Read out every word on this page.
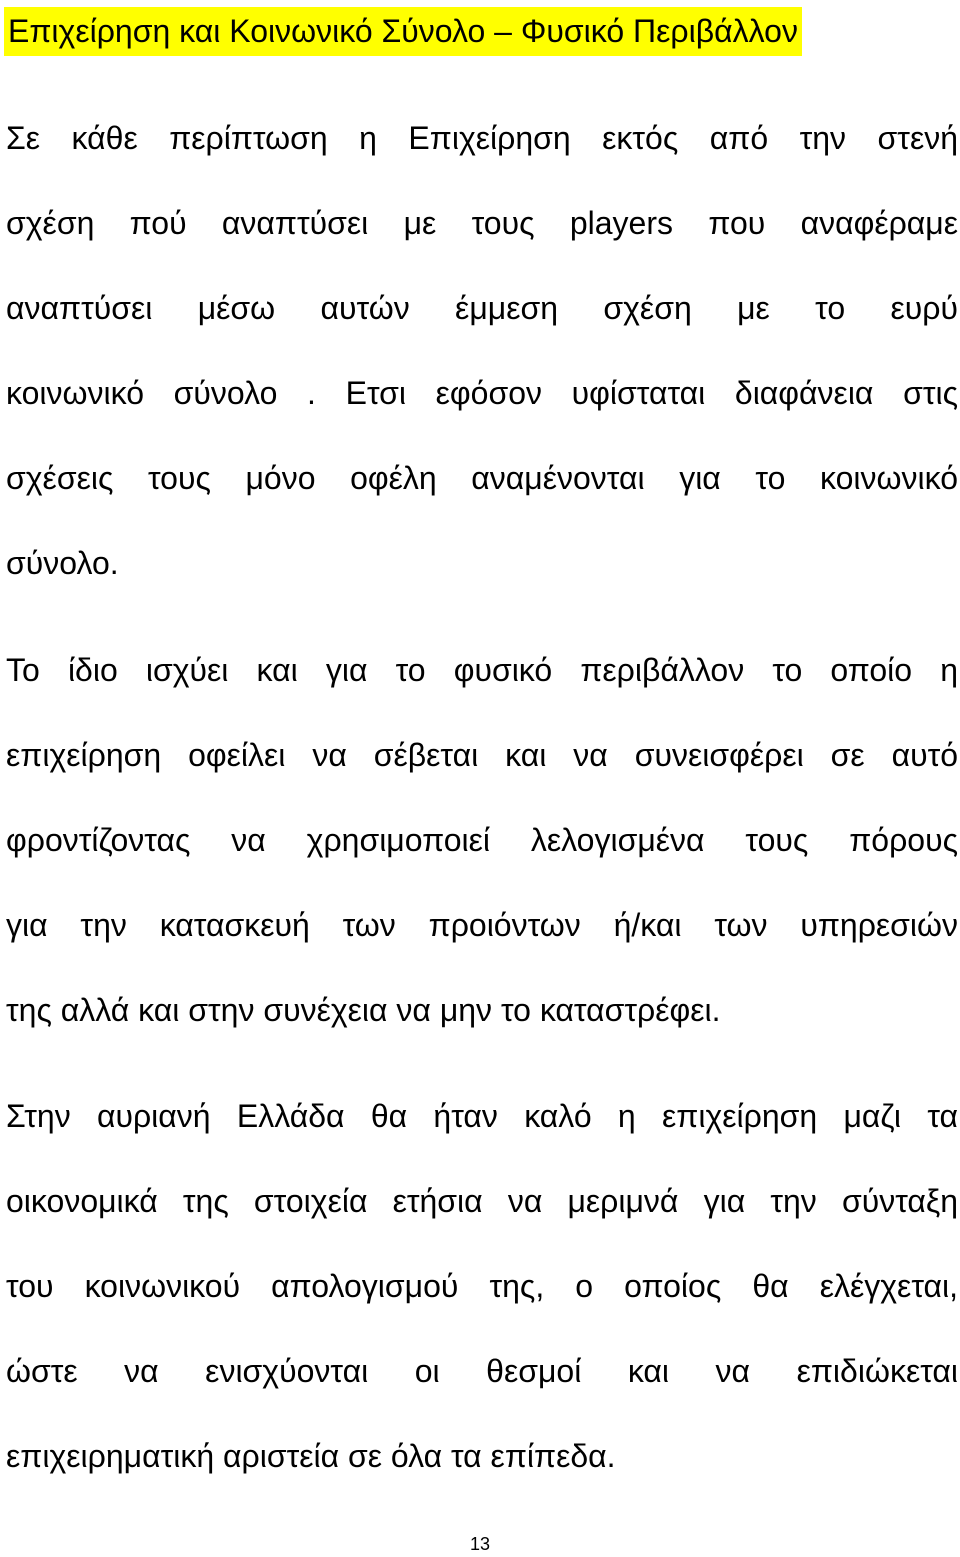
Επιχείρηση και Κοινωνικό Σύνολο – Φυσικό Περιβάλλον
Σε κάθε περίπτωση η Επιχείρηση εκτός από την στενή
σχέση πού αναπτύσει με τους players που αναφέραμε
αναπτύσει μέσω αυτών έμμεση σχέση με το ευρύ
κοινωνικό σύνολο . Ετσι εφόσον υφίσταται διαφάνεια στις
σχέσεις τους μόνο οφέλη αναμένονται για το κοινωνικό
σύνολο.
Το ίδιο ισχύει και για το φυσικό περιβάλλον το οποίο η
επιχείρηση οφείλει να σέβεται και να συνεισφέρει σε αυτό
φροντίζοντας να χρησιμοποιεί λελογισμένα τους πόρους
για την κατασκευή των προιόντων ή/και των υπηρεσιών
της αλλά και στην συνέχεια να μην το καταστρέφει.
Στην αυριανή Ελλάδα θα ήταν καλό η επιχείρηση μαζι τα
οικονομικά της στοιχεία ετήσια να μεριμνά για την σύνταξη
του κοινωνικού απολογισμού της, ο οποίος θα ελέγχεται,
ώστε να ενισχύονται οι θεσμοί και να επιδιώκεται
επιχειρηματική αριστεία σε όλα τα επίπεδα.
13
